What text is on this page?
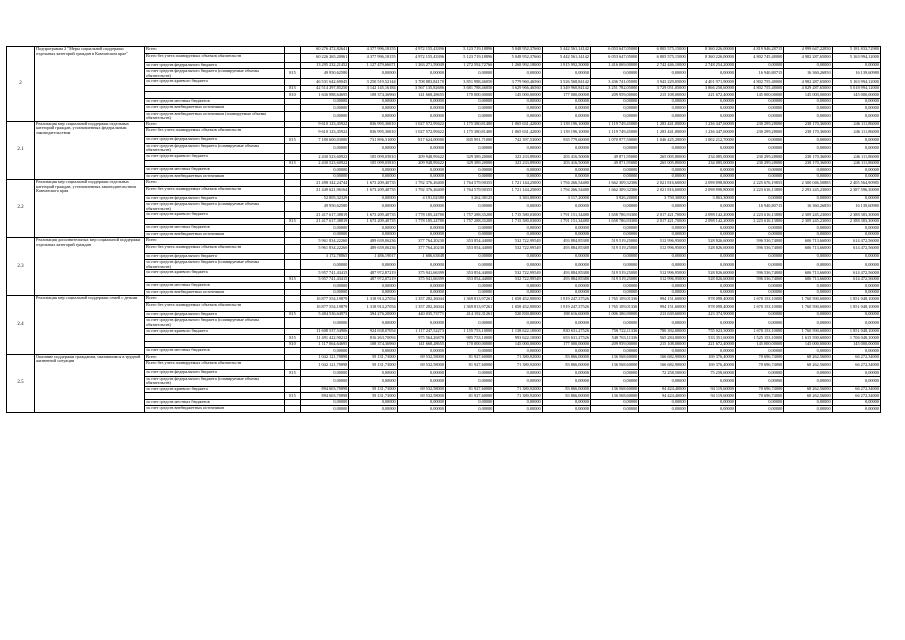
2	Подпрограмма 2 "Меры социальной поддержки отдельных категорий граждан в Камчатском крае"	Всего		60 276 472,82641	4 377 996,18155	4 972 155,43396	5 123 719,18896	5 048 952,37660	5 442 561,14142	6 053 647,05000	6 805 575,15000	8 360 226,00000	4 819 946,28715	4 999 647,22850	5 181 833,72980
		Всего без учета планируемых объемов обязательств		60 226 265,20061	4 377 996,18155	4 972 155,43396	5 123 719,18896	5 048 952,37660	5 442 561,14142	6 053 647,05000	6 805 575,15000	8 360 226,00000	4 802 745,48000	4 982 287,65000	5 163 994,12000
		за счет средств федерального бюджета		13 295 232,21452	1 127 479,66671	1 263 271,59049	1 272 592,72766	1 268 992,18000	1 915 992,50000	1 416 069,00000	2 742 446,10000	2 748 254,20000	0,00000	0,00000	0,00000
		за счет средств федерального бюджета (планируемые объемы обязательств)	815	49 950,62580	0,00000	0,00000	0,00000	0,00000	0,00000	0,00000	0,00000	0,00000	16 940,80715	16 360,26850	16 139,60980
		за счет средств краевого бюджета		46 531 642,69045	3 250 519,52144	3 708 883,84170	3 851 988,46050	3 779 960,46560	3 526 568,84142	3 436 741,05000	3 943 229,05000	4 401 971,90000	4 802 755,48000	4 982 287,65000	5 163 994,12000
			815	42 514 297,85250	3 142 145,16184	3 567 135,82686	3 681 788,46050	3 629 966,46560	3 349 960,84142	3 251 782,05000	3 729 051,05000	3 866 258,60000	4 802 755,48000	4 829 287,65000	5 018 994,12000
			810	1 636 988,64695	108 374,36960	141 668,28655	170 000,00000	145 000,00000	177 000,00000	209 959,00000	215 108,00000	221 672,40000	145 000,00000	145 000,00000	145 000,00000
		за счет средств местных бюджетов		0,00000	0,00000	0,00000	0,00000	0,00000	0,00000	0,00000	0,00000	0,00000	0,00000	0,00000	0,00000
		за счет средств внебюджетных источников		0,00000	0,00000	0,00000	0,00000	0,00000	0,00000	0,00000	0,00000	0,00000	0,00000	0,00000	0,00000
		за счет средств внебюджетных источников (планируемые объемы обязательств)		0,00000	0,00000	0,00000	0,00000	0,00000	0,00000	0,00000	0,00000	0,00000	0,00000	0,00000	0,00000
2.1	Реализация мер социальной поддержки отдельных категорий граждан, установленных федеральным законодательством	Всего		9 610 123,45922	836 995,36810	1 027 572,99422	1 175 380,81400	1 065 631,42000	1 139 196,10000	1 119 749,45000	1 283 441,00000	1 236 447,60000	230 299,28000	238 170,36000	246 111,86000
		Всего без учета планируемых объемов обязательств		9 610 123,45922	836 995,36810	1 027 572,99422	1 175 380,81400	1 065 631,42000	1 139 196,10000	1 119 749,45000	1 283 441,00000	1 236 447,60000	230 299,28000	238 170,36000	246 111,86000
		за счет средств федерального бюджета	815	7 180 600,03000	731 896,31000	817 624,00000	845 991,71000	742 397,53000	935 779,60000	1 070 977,50000	1 046 425,20000	1 002 212,70000	0,00000	0,00000	0,00000
		за счет средств федерального бюджета (планируемые объемы обязательств)		0,00000	0,00000	0,00000	0,00000	0,00000	0,00000	0,00000	0,00000	0,00000	0,00000	0,00000	0,00000
		за счет средств краевого бюджета		2 430 523,60922	105 099,05810	209 948,99422	329 389,20000	323 233,89000	203 416,50000	49 871,95000	265 005,80000	234 085,00000	230 299,28000	238 170,36000	246 111,86000
			815	2 430 523,60922	105 099,05810	209 948,99422	329 389,20000	323 233,89000	203 416,50000	49 871,95000	265 005,80000	234 085,00000	230 299,28000	238 170,36000	246 111,86000
		за счет средств местных бюджетов		0,00000	0,00000	0,00000	0,00000	0,00000	0,00000	0,00000	0,00000	0,00000	0,00000	0,00000	0,00000
		за счет средств внебюджетных источников		0,00000	0,00000	0,00000	0,00000	0,00000	0,00000	0,00000	0,00000	0,00000	0,00000	0,00000	0,00000
2.2	Реализация мер социальной поддержки отдельных категорий граждан, установленных законодательством Камчатского края	Всего		21 498 342,24744	1 673 209,40735	1 792 376,26400	1 764 579,90355	1 721 144,25000	1 794 266,54480	1 662 309,32306	2 021 816,60000	2 098 898,80000	2 225 676,19855	2 300 046,50885	2 405 564,90985
		Всего без учета планируемых объемов обязательств		21 449 621,96164	1 673 209,40735	1 792 376,26400	1 764 579,90355	1 721 144,25000	1 794 266,54480	1 662 309,32306	2 021 816,60000	2 098 898,80000	2 223 616,13800	2 293 245,23000	2 387 596,30000
		за счет средств федерального бюджета		52 005,32329	0,00000	4 191,02380	3 262,30125	3 363,80000	3 117,20000	3 926,20000	3 750,30000	3 863,30000	0,00000	0,00000	0,00000
		за счет средств федерального бюджета (планируемые объемы обязательств)		49 950,62580	0,00000	0,00000	0,00000	0,00000	0,00000	0,00000	0,00000	0,00000	16 940,80715	16 360,26850	16 139,60980
		за счет средств краевого бюджета		21 417 617,38819	1 673 209,40735	1 778 185,24780	1 757 288,35200	1 715 580,03000	1 791 151,34480	1 658 786,93300	2 017 421,70000	2 098 142,20000	2 223 616,13800	2 309 245,23000	2 388 383,30000
			815	21 417 617,38819	1 673 209,40735	1 778 185,24780	1 757 288,35200	1 715 580,03000	1 791 151,34480	1 658 786,93300	2 017 421,70000	2 098 142,20000	2 223 616,13800	2 309 245,23000	2 388 383,30000
		за счет средств местных бюджетов		0,00000	0,00000	0,00000	0,00000	0,00000	0,00000	0,00000	0,00000	0,00000	0,00000	0,00000	0,00000
		за счет средств внебюджетных источников		0,00000	0,00000	0,00000	0,00000	0,00000	0,00000	0,00000	0,00000	0,00000	0,00000	0,00000	0,00000
2.3	Реализация дополнительных мер социальной поддержки отдельных категорий граждан	Всего		5 961 834,22260	489 639,06236	377 764,20230	353 854,44000	532 722,99549	493 884,85380	519 519,25000	512 996,95000	528 826,60000	596 536,74000	606 713,66000	614 472,56000
		Всего без учета планируемых объемов обязательств		5 961 834,22260	489 639,06236	377 764,20230	353 854,44000	532 722,99549	493 884,85380	519 519,25000	512 996,95000	528 826,60000	596 536,74000	606 713,66000	614 472,56000
		за счет средств федерального бюджета		3 172,78865	1 486,19017	1 686,63848	0,00000	0,00000	0,00000	0,00000	0,00000	0,00000	0,00000	0,00000	0,00000
		за счет средств федерального бюджета (планируемые объемы обязательств)		0,00000	0,00000	0,00000	0,00000	0,00000	0,00000	0,00000	0,00000	0,00000	0,00000	0,00000	0,00000
		за счет средств краевого бюджета		5 957 741,43415	487 972,87219	375 941,66399	353 854,44000	532 722,99549	493 884,85380	519 519,25000	512 996,95000	528 826,60000	596 536,74000	606 713,66000	614 472,56000
			815	5 957 741,43415	487 972,87219	375 941,66399	353 854,44000	532 722,99549	493 884,85380	519 519,25000	512 996,95000	528 826,60000	596 536,74000	606 713,66000	614 472,56000
		за счет средств местных бюджетов		0,00000	0,00000	0,00000	0,00000	0,00000	0,00000	0,00000	0,00000	0,00000	0,00000	0,00000	0,00000
		за счет средств внебюджетных источников		0,00000	0,00000	0,00000	0,00000	0,00000	0,00000	0,00000	0,00000	0,00000	0,00000	0,00000	0,00000
2.4	Реализация мер социальной поддержки семей с детьми	Всего		16 877 554,19879	1 318 914,27054	1 357 282,26044	1 369 813,97261	1 658 452,90000	1 919 247,37526	1 765 109,01336	994 151,60000	978 098,40000	1 670 153,10000	1 760 590,60000	1 851 048,10000
		Всего без учета планируемых объемов обязательств		16 877 554,19879	1 318 914,27054	1 357 282,26044	1 369 813,97261	1 658 452,90000	1 919 247,37526	1 765 109,01336	994 151,60000	978 098,40000	1 670 153,10000	1 760 590,60000	1 851 048,10000
		за счет средств федерального бюджета	815	5 484 536,64973	394 276,20000	440 035,73771	414 192,31261	520 830,80000	188 616,60000	1 006 386,90000	213 639,60000	223 374,90000	0,00000	0,00000	0,00000
		за счет средств федерального бюджета (планируемые объемы обязательств)		0,00000	0,00000	0,00000	0,00000	0,00000	0,00000	0,00000	0,00000	0,00000	0,00000	0,00000	0,00000
		за счет средств краевого бюджета		11 608 537,54906	924 638,07054	1 117 247,52273	1 155 753,10000	1 138 622,10000	830 631,27526	758 722,11336	780 392,00000	755 023,50000	1 670 153,10000	1 760 590,60000	1 851 048,10000
			815	11 491 422,90212	816 263,70094	975 564,26878	985 753,10000	993 622,10000	653 631,27526	548 763,11336	565 284,00000	533 351,60000	1 525 153,10000	1 615 590,60000	1 706 048,10000
			810	1 117 064,64695	108 374,36960	141 668,28655	170 000,00000	145 000,00000	177 000,00000	209 959,00000	215 108,00000	221 672,40000	145 000,00000	145 000,00000	145 000,00000
		за счет средств местных бюджетов		0,00000	0,00000	0,00000	0,00000	0,00000	0,00000	0,00000	0,00000	0,00000	0,00000	0,00000	0,00000
2.5	Оказание поддержки гражданам, оказавшимся в трудной жизненной ситуации	Всего		1 042 121,70898	59 131,73000	69 532,58000	81 927,60000	71 380,92000	83 866,00000	136 568,60000	166 682,90000	169 376,40000	70 696,74000	68 262,56000	66 272,34000
		Всего без учета планируемых объемов обязательств		1 042 121,70898	59 131,73000	69 532,58000	81 927,60000	71 380,92000	83 866,00000	136 568,60000	166 682,90000	169 376,40000	70 696,74000	68 262,56000	66 272,34000
		за счет средств федерального бюджета	815	0,00000	0,00000	0,00000	0,00000	0,00000	0,00000	0,00000	72 258,50000	75 258,60000	0,00000	0,00000	0,00000
		за счет средств федерального бюджета (планируемые объемы обязательств)		0,00000	0,00000	0,00000	0,00000	0,00000	0,00000	0,00000	0,00000	0,00000	0,00000	0,00000	0,00000
		за счет средств краевого бюджета		894 603,70898	59 131,73000	69 532,58000	81 927,60000	71 380,92000	83 866,00000	136 568,60000	94 424,40000	94 119,60000	70 696,74000	68 262,56000	66 272,34000
			815	894 603,70898	59 131,73000	69 532,58000	81 927,60000	71 380,92000	83 866,00000	136 568,60000	94 424,40000	94 119,60000	70 696,74000	68 262,56000	66 272,34000
		за счет средств местных бюджетов		0,00000	0,00000	0,00000	0,00000	0,00000	0,00000	0,00000	0,00000	0,00000	0,00000	0,00000	0,00000
		за счет средств внебюджетных источников		0,00000	0,00000	0,00000	0,00000	0,00000	0,00000	0,00000	0,00000	0,00000	0,00000	0,00000	0,00000
